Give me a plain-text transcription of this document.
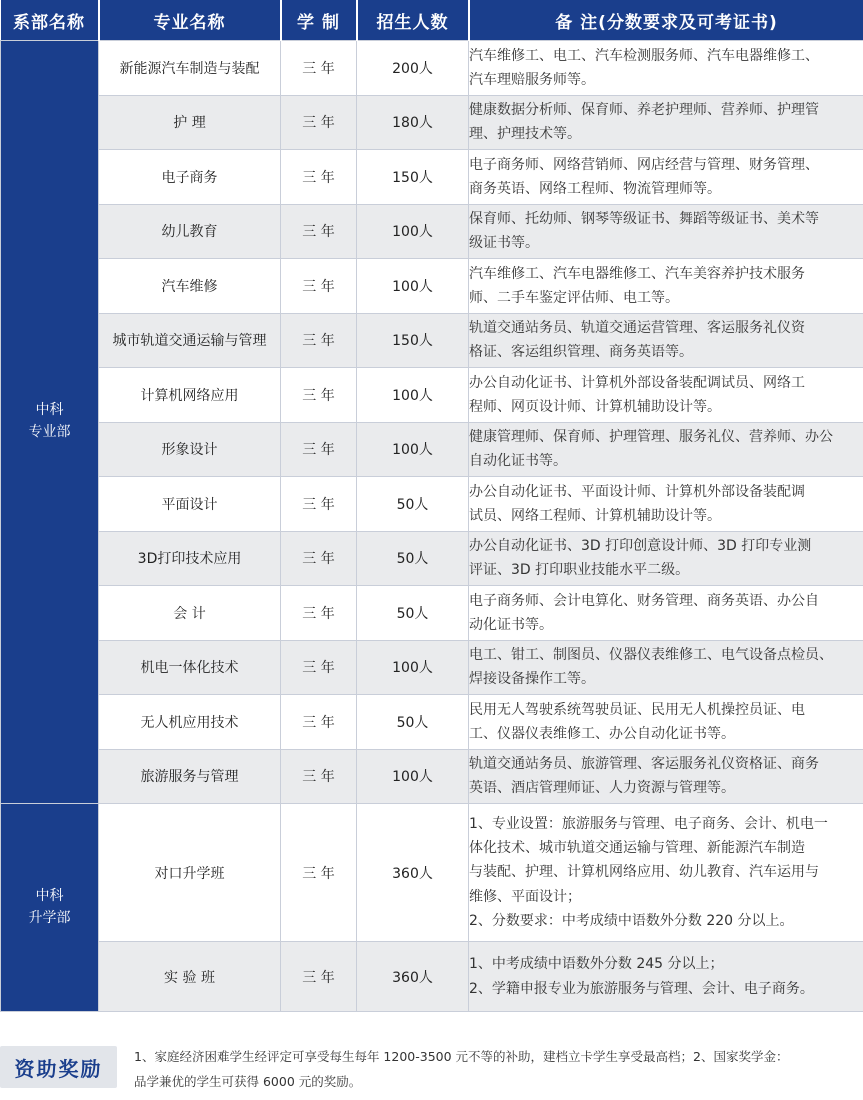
系部名称	专业名称	学 制	招生人数	备 注(分数要求及可考证书)

中科
专业部	新能源汽车制造与装配	三 年	200人	汽车维修工、电工、汽车检测服务师、汽车电器维修工、
汽车理赔服务师等。

	护 理	三 年	180人	健康数据分析师、保育师、养老护理师、营养师、护理管
理、护理技术等。

	电子商务	三 年	150人	电子商务师、网络营销师、网店经营与管理、财务管理、
商务英语、网络工程师、物流管理师等。

	幼儿教育	三 年	100人	保育师、托幼师、钢琴等级证书、舞蹈等级证书、美术等
级证书等。

	汽车维修	三 年	100人	汽车维修工、汽车电器维修工、汽车美容养护技术服务
师、二手车鉴定评估师、电工等。

	城市轨道交通运输与管理	三 年	150人	轨道交通站务员、轨道交通运营管理、客运服务礼仪资
格证、客运组织管理、商务英语等。

	计算机网络应用	三 年	100人	办公自动化证书、计算机外部设备装配调试员、网络工
程师、网页设计师、计算机辅助设计等。

	形象设计	三 年	100人	健康管理师、保育师、护理管理、服务礼仪、营养师、办公
自动化证书等。

	平面设计	三 年	50人	办公自动化证书、平面设计师、计算机外部设备装配调
试员、网络工程师、计算机辅助设计等。

	3D打印技术应用	三 年	50人	办公自动化证书、3D 打印创意设计师、3D 打印专业测
评证、3D 打印职业技能水平二级。

	会 计	三 年	50人	电子商务师、会计电算化、财务管理、商务英语、办公自
动化证书等。

	机电一体化技术	三 年	100人	电工、钳工、制图员、仪器仪表维修工、电气设备点检员、
焊接设备操作工等。

	无人机应用技术	三 年	50人	民用无人驾驶系统驾驶员证、民用无人机操控员证、电
工、仪器仪表维修工、办公自动化证书等。

	旅游服务与管理	三 年	100人	轨道交通站务员、旅游管理、客运服务礼仪资格证、商务
英语、酒店管理师证、人力资源与管理等。

中科
升学部	对口升学班	三 年	360人	1、专业设置：旅游服务与管理、电子商务、会计、机电一
体化技术、城市轨道交通运输与管理、新能源汽车制造
与装配、护理、计算机网络应用、幼儿教育、汽车运用与
维修、平面设计；
2、分数要求：中考成绩中语数外分数 220 分以上。

	实 验 班	三 年	360人	1、中考成绩中语数外分数 245 分以上；
2、学籍申报专业为旅游服务与管理、会计、电子商务。
资助奖励	1、家庭经济困难学生经评定可享受每生每年 1200-3500 元不等的补助，建档立卡学生享受最高档；2、国家奖学金：
品学兼优的学生可获得 6000 元的奖励。
